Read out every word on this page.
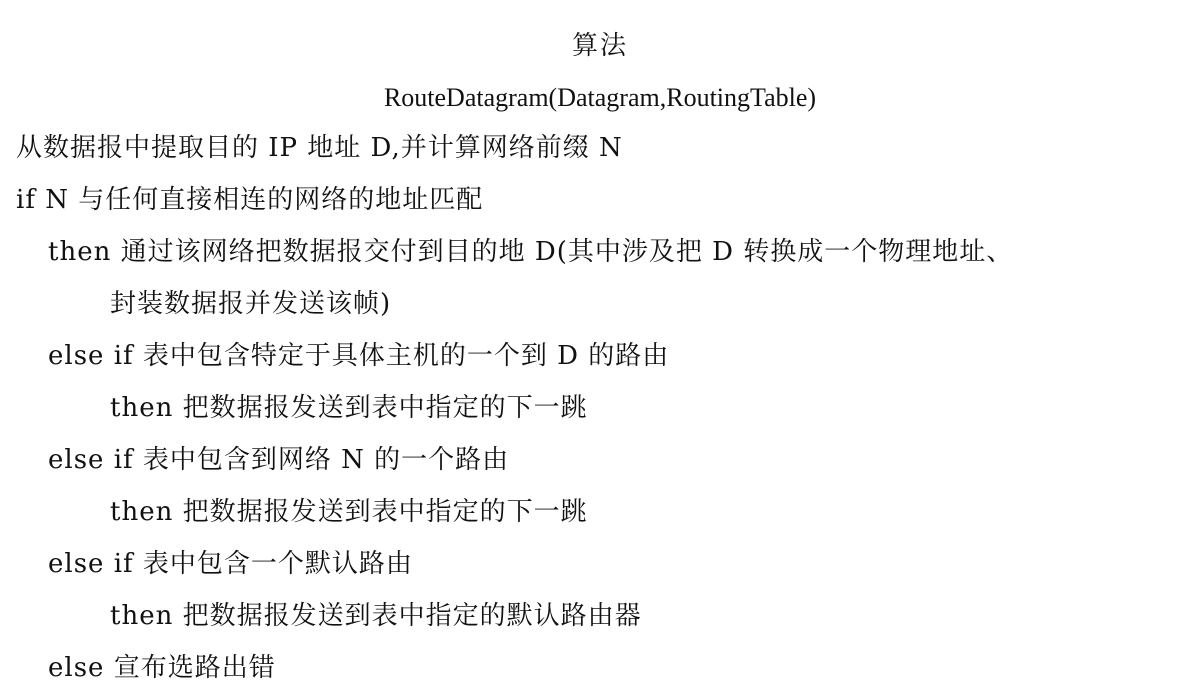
算法
RouteDatagram(Datagram,RoutingTable)
从数据报中提取目的 IP 地址 D,并计算网络前缀 N
if N 与任何直接相连的网络的地址匹配
then 通过该网络把数据报交付到目的地 D(其中涉及把 D 转换成一个物理地址、
封装数据报并发送该帧)
else if 表中包含特定于具体主机的一个到 D 的路由
then 把数据报发送到表中指定的下一跳
else if 表中包含到网络 N 的一个路由
then 把数据报发送到表中指定的下一跳
else if 表中包含一个默认路由
then 把数据报发送到表中指定的默认路由器
else 宣布选路出错
